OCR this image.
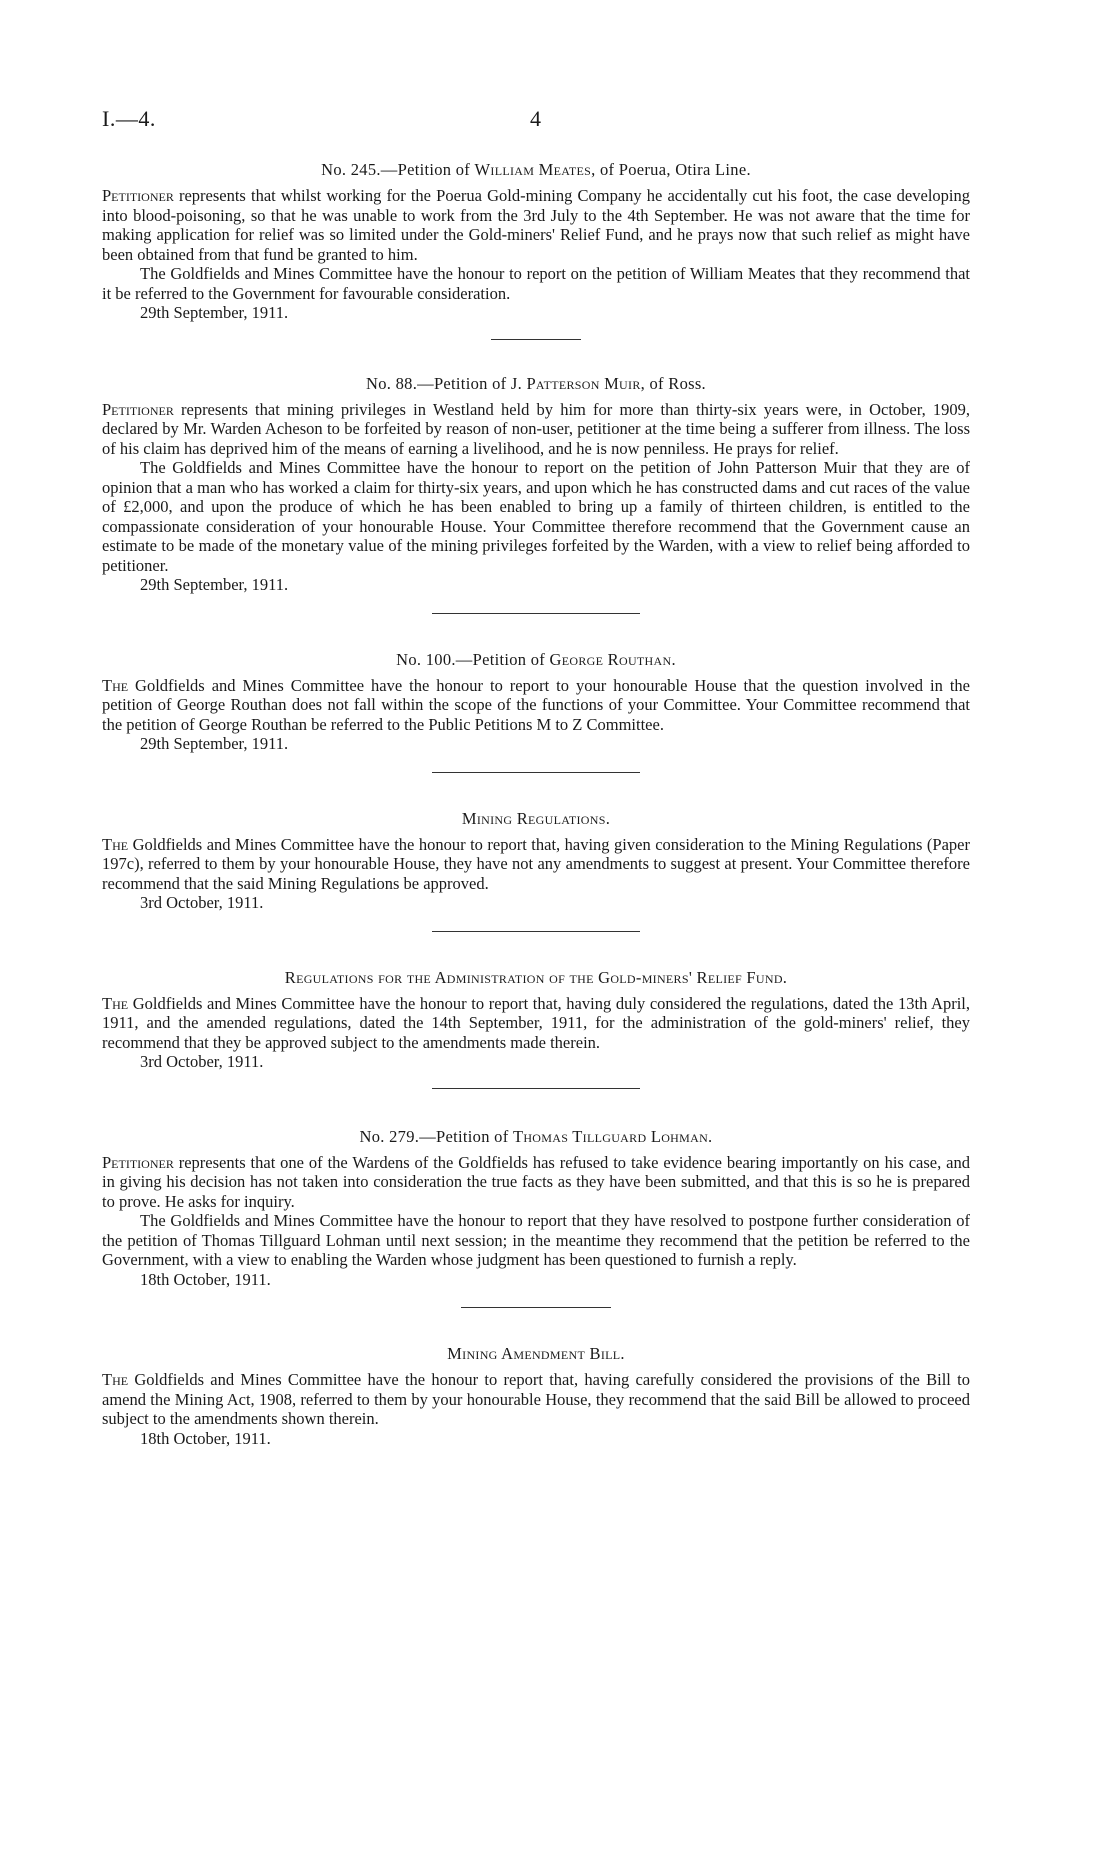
I.—4.	4
No. 245.—Petition of William Meates, of Poerua, Otira Line.

Petitioner represents that whilst working for the Poerua Gold-mining Company he accidentally cut his foot, the case developing into blood-poisoning, so that he was unable to work from the 3rd July to the 4th September. He was not aware that the time for making application for relief was so limited under the Gold-miners' Relief Fund, and he prays now that such relief as might have been obtained from that fund be granted to him.

The Goldfields and Mines Committee have the honour to report on the petition of William Meates that they recommend that it be referred to the Government for favourable consideration.

29th September, 1911.

No. 88.—Petition of J. Patterson Muir, of Ross.

Petitioner represents that mining privileges in Westland held by him for more than thirty-six years were, in October, 1909, declared by Mr. Warden Acheson to be forfeited by reason of non-user, petitioner at the time being a sufferer from illness. The loss of his claim has deprived him of the means of earning a livelihood, and he is now penniless. He prays for relief.

The Goldfields and Mines Committee have the honour to report on the petition of John Patterson Muir that they are of opinion that a man who has worked a claim for thirty-six years, and upon which he has constructed dams and cut races of the value of £2,000, and upon the produce of which he has been enabled to bring up a family of thirteen children, is entitled to the compassionate consideration of your honourable House. Your Committee therefore recommend that the Government cause an estimate to be made of the monetary value of the mining privileges forfeited by the Warden, with a view to relief being afforded to petitioner.

29th September, 1911.

No. 100.—Petition of George Routhan.

The Goldfields and Mines Committee have the honour to report to your honourable House that the question involved in the petition of George Routhan does not fall within the scope of the functions of your Committee. Your Committee recommend that the petition of George Routhan be referred to the Public Petitions M to Z Committee.

29th September, 1911.

Mining Regulations.

The Goldfields and Mines Committee have the honour to report that, having given consideration to the Mining Regulations (Paper 197c), referred to them by your honourable House, they have not any amendments to suggest at present. Your Committee therefore recommend that the said Mining Regulations be approved.

3rd October, 1911.

Regulations for the Administration of the Gold-miners' Relief Fund.

The Goldfields and Mines Committee have the honour to report that, having duly considered the regulations, dated the 13th April, 1911, and the amended regulations, dated the 14th September, 1911, for the administration of the gold-miners' relief, they recommend that they be approved subject to the amendments made therein.

3rd October, 1911.

No. 279.—Petition of Thomas Tillguard Lohman.

Petitioner represents that one of the Wardens of the Goldfields has refused to take evidence bearing importantly on his case, and in giving his decision has not taken into consideration the true facts as they have been submitted, and that this is so he is prepared to prove. He asks for inquiry.

The Goldfields and Mines Committee have the honour to report that they have resolved to postpone further consideration of the petition of Thomas Tillguard Lohman until next session; in the meantime they recommend that the petition be referred to the Government, with a view to enabling the Warden whose judgment has been questioned to furnish a reply.

18th October, 1911.

Mining Amendment Bill.

The Goldfields and Mines Committee have the honour to report that, having carefully considered the provisions of the Bill to amend the Mining Act, 1908, referred to them by your honourable House, they recommend that the said Bill be allowed to proceed subject to the amendments shown therein.

18th October, 1911.
